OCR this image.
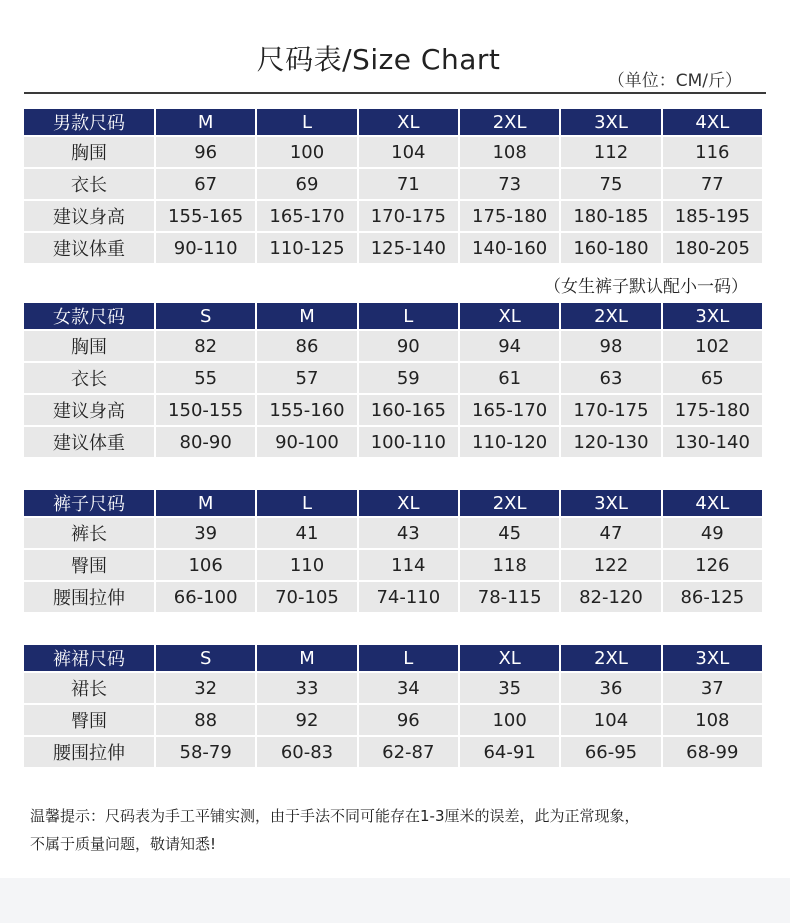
尺码表/Size Chart
（单位：CM/斤）
男款尺码	M	L	XL	2XL	3XL	4XL
胸围	96	100	104	108	112	116
衣长	67	69	71	73	75	77
建议身高	155-165	165-170	170-175	175-180	180-185	185-195
建议体重	90-110	110-125	125-140	140-160	160-180	180-205
（女生裤子默认配小一码）
女款尺码	S	M	L	XL	2XL	3XL
胸围	82	86	90	94	98	102
衣长	55	57	59	61	63	65
建议身高	150-155	155-160	160-165	165-170	170-175	175-180
建议体重	80-90	90-100	100-110	110-120	120-130	130-140
裤子尺码	M	L	XL	2XL	3XL	4XL
裤长	39	41	43	45	47	49
臀围	106	110	114	118	122	126
腰围拉伸	66-100	70-105	74-110	78-115	82-120	86-125
裤裙尺码	S	M	L	XL	2XL	3XL
裙长	32	33	34	35	36	37
臀围	88	92	96	100	104	108
腰围拉伸	58-79	60-83	62-87	64-91	66-95	68-99
温馨提示：尺码表为手工平铺实测，由于手法不同可能存在1-3厘米的误差，此为正常现象，
不属于质量问题，敬请知悉!
